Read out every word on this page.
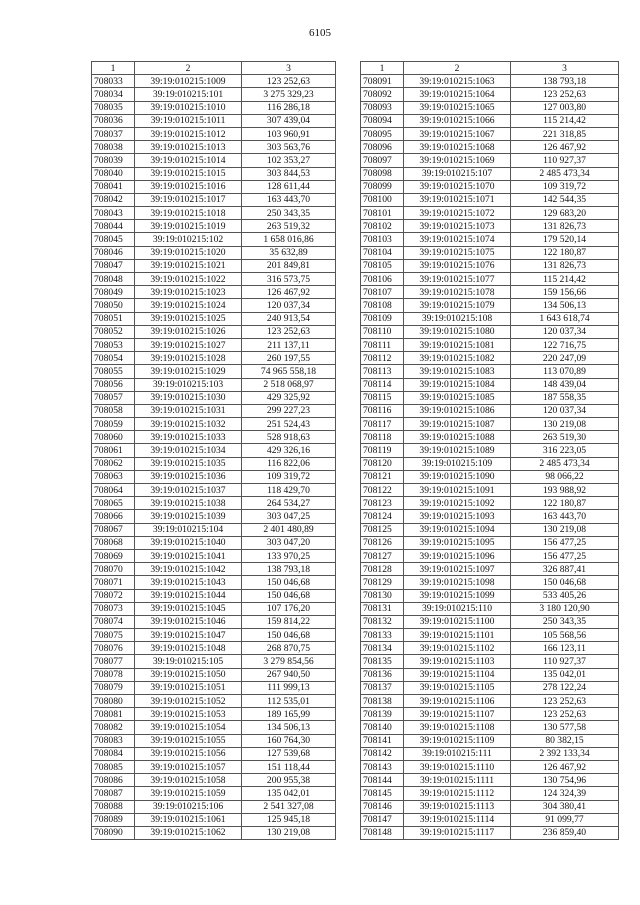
6105
1	2	3
708033	39:19:010215:1009	123 252,63
708034	39:19:010215:101	3 275 329,23
708035	39:19:010215:1010	116 286,18
708036	39:19:010215:1011	307 439,04
708037	39:19:010215:1012	103 960,91
708038	39:19:010215:1013	303 563,76
708039	39:19:010215:1014	102 353,27
708040	39:19:010215:1015	303 844,53
708041	39:19:010215:1016	128 611,44
708042	39:19:010215:1017	163 443,70
708043	39:19:010215:1018	250 343,35
708044	39:19:010215:1019	263 519,32
708045	39:19:010215:102	1 658 016,86
708046	39:19:010215:1020	35 632,89
708047	39:19:010215:1021	201 849,81
708048	39:19:010215:1022	316 573,75
708049	39:19:010215:1023	126 467,92
708050	39:19:010215:1024	120 037,34
708051	39:19:010215:1025	240 913,54
708052	39:19:010215:1026	123 252,63
708053	39:19:010215:1027	211 137,11
708054	39:19:010215:1028	260 197,55
708055	39:19:010215:1029	74 965 558,18
708056	39:19:010215:103	2 518 068,97
708057	39:19:010215:1030	429 325,92
708058	39:19:010215:1031	299 227,23
708059	39:19:010215:1032	251 524,43
708060	39:19:010215:1033	528 918,63
708061	39:19:010215:1034	429 326,16
708062	39:19:010215:1035	116 822,06
708063	39:19:010215:1036	109 319,72
708064	39:19:010215:1037	118 429,70
708065	39:19:010215:1038	264 534,27
708066	39:19:010215:1039	303 047,25
708067	39:19:010215:104	2 401 480,89
708068	39:19:010215:1040	303 047,20
708069	39:19:010215:1041	133 970,25
708070	39:19:010215:1042	138 793,18
708071	39:19:010215:1043	150 046,68
708072	39:19:010215:1044	150 046,68
708073	39:19:010215:1045	107 176,20
708074	39:19:010215:1046	159 814,22
708075	39:19:010215:1047	150 046,68
708076	39:19:010215:1048	268 870,75
708077	39:19:010215:105	3 279 854,56
708078	39:19:010215:1050	267 940,50
708079	39:19:010215:1051	111 999,13
708080	39:19:010215:1052	112 535,01
708081	39:19:010215:1053	189 165,99
708082	39:19:010215:1054	134 506,13
708083	39:19:010215:1055	160 764,30
708084	39:19:010215:1056	127 539,68
708085	39:19:010215:1057	151 118,44
708086	39:19:010215:1058	200 955,38
708087	39:19:010215:1059	135 042,01
708088	39:19:010215:106	2 541 327,08
708089	39:19:010215:1061	125 945,18
708090	39:19:010215:1062	130 219,08
1	2	3
708091	39:19:010215:1063	138 793,18
708092	39:19:010215:1064	123 252,63
708093	39:19:010215:1065	127 003,80
708094	39:19:010215:1066	115 214,42
708095	39:19:010215:1067	221 318,85
708096	39:19:010215:1068	126 467,92
708097	39:19:010215:1069	110 927,37
708098	39:19:010215:107	2 485 473,34
708099	39:19:010215:1070	109 319,72
708100	39:19:010215:1071	142 544,35
708101	39:19:010215:1072	129 683,20
708102	39:19:010215:1073	131 826,73
708103	39:19:010215:1074	179 520,14
708104	39:19:010215:1075	122 180,87
708105	39:19:010215:1076	131 826,73
708106	39:19:010215:1077	115 214,42
708107	39:19:010215:1078	159 156,66
708108	39:19:010215:1079	134 506,13
708109	39:19:010215:108	1 643 618,74
708110	39:19:010215:1080	120 037,34
708111	39:19:010215:1081	122 716,75
708112	39:19:010215:1082	220 247,09
708113	39:19:010215:1083	113 070,89
708114	39:19:010215:1084	148 439,04
708115	39:19:010215:1085	187 558,35
708116	39:19:010215:1086	120 037,34
708117	39:19:010215:1087	130 219,08
708118	39:19:010215:1088	263 519,30
708119	39:19:010215:1089	316 223,05
708120	39:19:010215:109	2 485 473,34
708121	39:19:010215:1090	98 066,22
708122	39:19:010215:1091	193 988,92
708123	39:19:010215:1092	122 180,87
708124	39:19:010215:1093	163 443,70
708125	39:19:010215:1094	130 219,08
708126	39:19:010215:1095	156 477,25
708127	39:19:010215:1096	156 477,25
708128	39:19:010215:1097	326 887,41
708129	39:19:010215:1098	150 046,68
708130	39:19:010215:1099	533 405,26
708131	39:19:010215:110	3 180 120,90
708132	39:19:010215:1100	250 343,35
708133	39:19:010215:1101	105 568,56
708134	39:19:010215:1102	166 123,11
708135	39:19:010215:1103	110 927,37
708136	39:19:010215:1104	135 042,01
708137	39:19:010215:1105	278 122,24
708138	39:19:010215:1106	123 252,63
708139	39:19:010215:1107	123 252,63
708140	39:19:010215:1108	130 577,58
708141	39:19:010215:1109	80 382,15
708142	39:19:010215:111	2 392 133,34
708143	39:19:010215:1110	126 467,92
708144	39:19:010215:1111	130 754,96
708145	39:19:010215:1112	124 324,39
708146	39:19:010215:1113	304 380,41
708147	39:19:010215:1114	91 099,77
708148	39:19:010215:1117	236 859,40
